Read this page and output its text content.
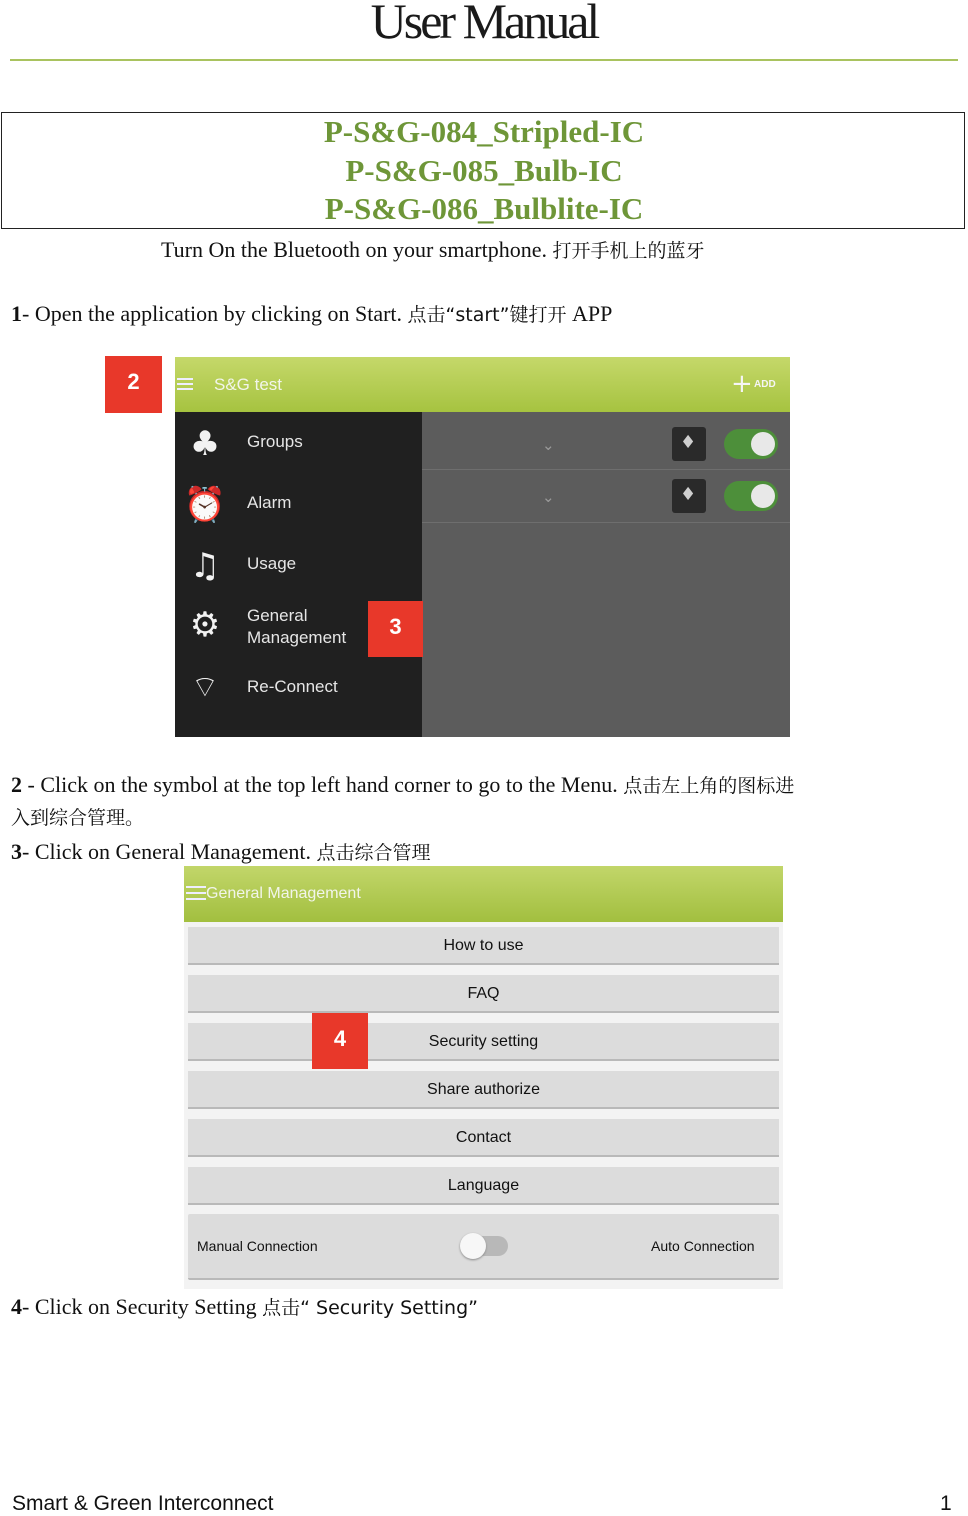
User Manual
P-S&G-084_Stripled-IC
P-S&G-085_Bulb-IC
P-S&G-086_Bulblite-IC
Turn On the Bluetooth on your smartphone. 打开手机上的蓝牙
1- Open the application by clicking on Start. 点击“start”键打开 APP
2	S&G test	+ ADD
⌄	♦
⌄	♦
♣	Groups
⏰ Alarm
♫	Usage
⚙	General
Management
⌔	Re-Connect
3
2 - Click on the symbol at the top left hand corner to go to the Menu. 点击左上角的图标进
入到综合管理。
3- Click on General Management. 点击综合管理
General Management
How to use
FAQ
Security setting
Share authorize
Contact
Language
Manual Connection	Auto Connection
4
4- Click on Security Setting 点击“ Security Setting”
Smart & Green Interconnect	1
